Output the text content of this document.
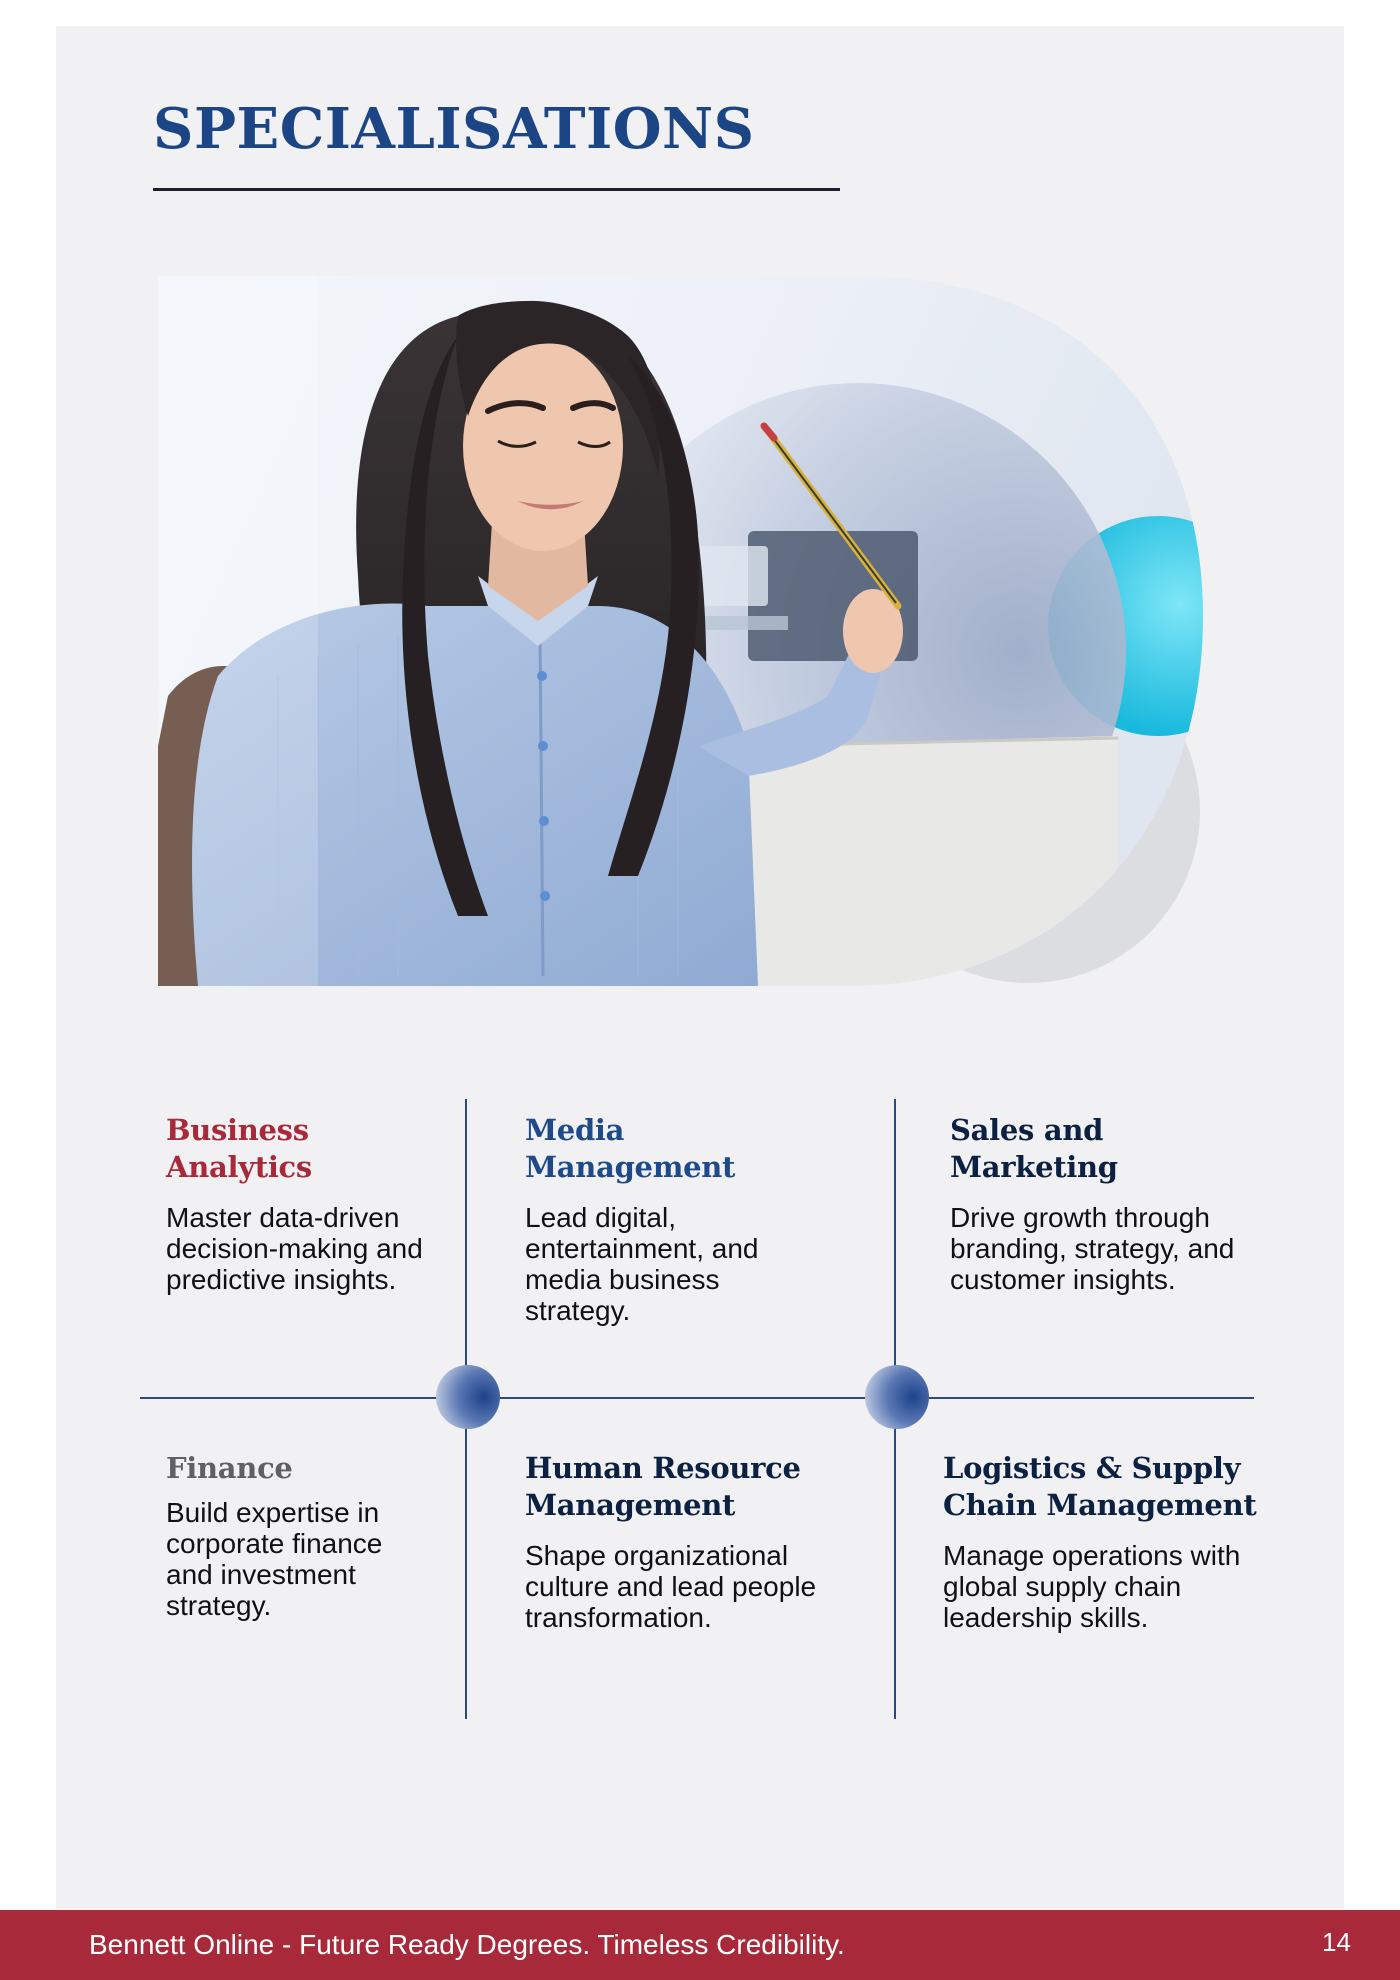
SPECIALISATIONS
Business
Analytics

Master data-driven decision-making and predictive insights.

Media
Management

Lead digital, entertainment, and media business strategy.

Sales and
Marketing

Drive growth through branding, strategy, and customer insights.

Finance

Build expertise in corporate finance and investment strategy.

Human Resource
Management

Shape organizational culture and lead people transformation.

Logistics & Supply
Chain Management

Manage operations with global supply chain leadership skills.

Bennett Online - Future Ready Degrees. Timeless Credibility.	14
